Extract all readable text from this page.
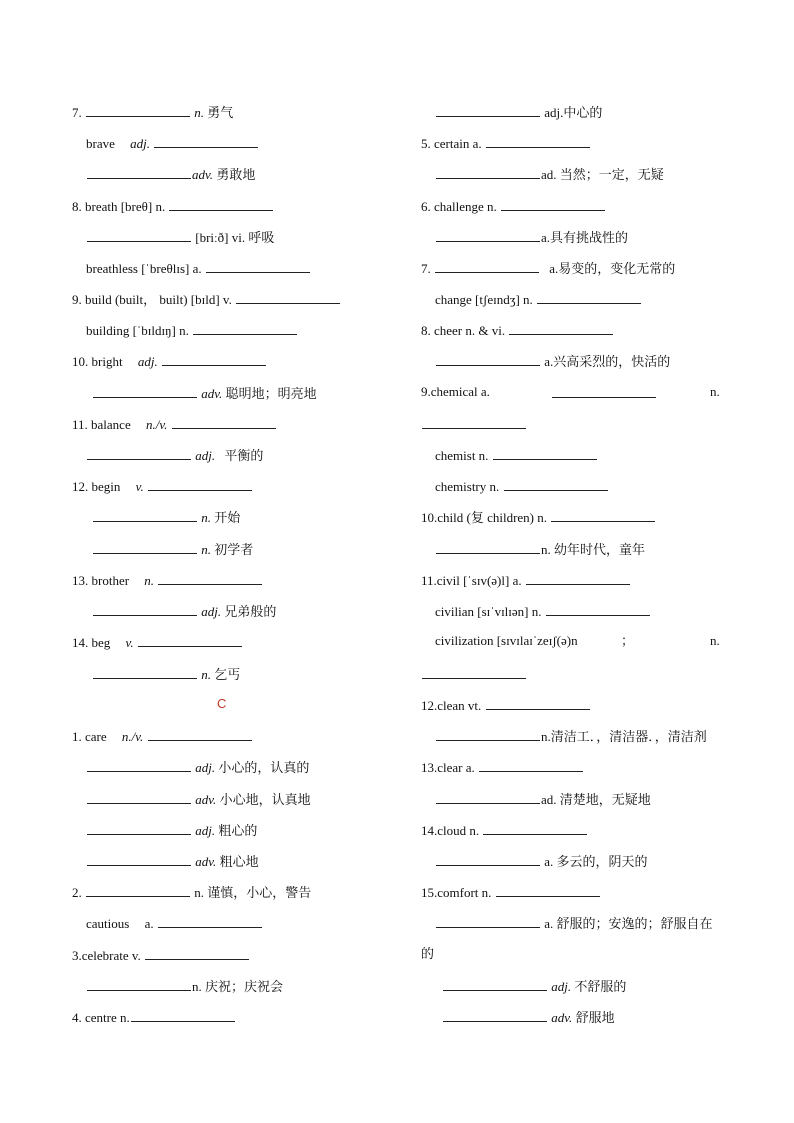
7.	n. 勇气
brave adj.
adv. 勇敢地
8. breath [breθ] n.
[briːð] vi. 呼吸
breathless [ˈbreθlɪs] a.
9. build (built， built) [bɪld] v.
building [ˈbɪldɪŋ] n.
10. bright adj.
adv. 聪明地；明亮地
11. balance n./v.
adj. 平衡的
12. begin v.
n. 开始
n. 初学者
13. brother n.
adj. 兄弟般的
14. beg v.
n. 乞丐
C
1. care n./v.
adj. 小心的，认真的
adv. 小心地，认真地
adj. 粗心的
adv. 粗心地
2.	n. 谨慎，小心，警告
cautious a.
3.celebrate v.
n. 庆祝；庆祝会
4. centre n.
adj.中心的
5. certain a.
ad. 当然；一定，无疑
6. challenge n.
a.具有挑战性的
7.	a.易变的，变化无常的
change [tʃeɪndʒ] n.
8. cheer n. & vi.
a.兴高采烈的，快活的
9.chemical a.	n.
chemist n.
chemistry n.
10.child (复 children) n.
n. 幼年时代，童年
11.civil [ˈsɪv(ə)l] a.
civilian [sɪˈvɪlɪən] n.
civilization [sɪvɪlaɪˈzeɪʃ(ə)n	；	n.
12.clean vt.
n.清洁工．，清洁器．，清洁剂
13.clear a.
ad. 清楚地，无疑地
14.cloud n.
a. 多云的，阴天的
15.comfort n.
a. 舒服的；安逸的；舒服自在
的
adj. 不舒服的
adv. 舒服地
